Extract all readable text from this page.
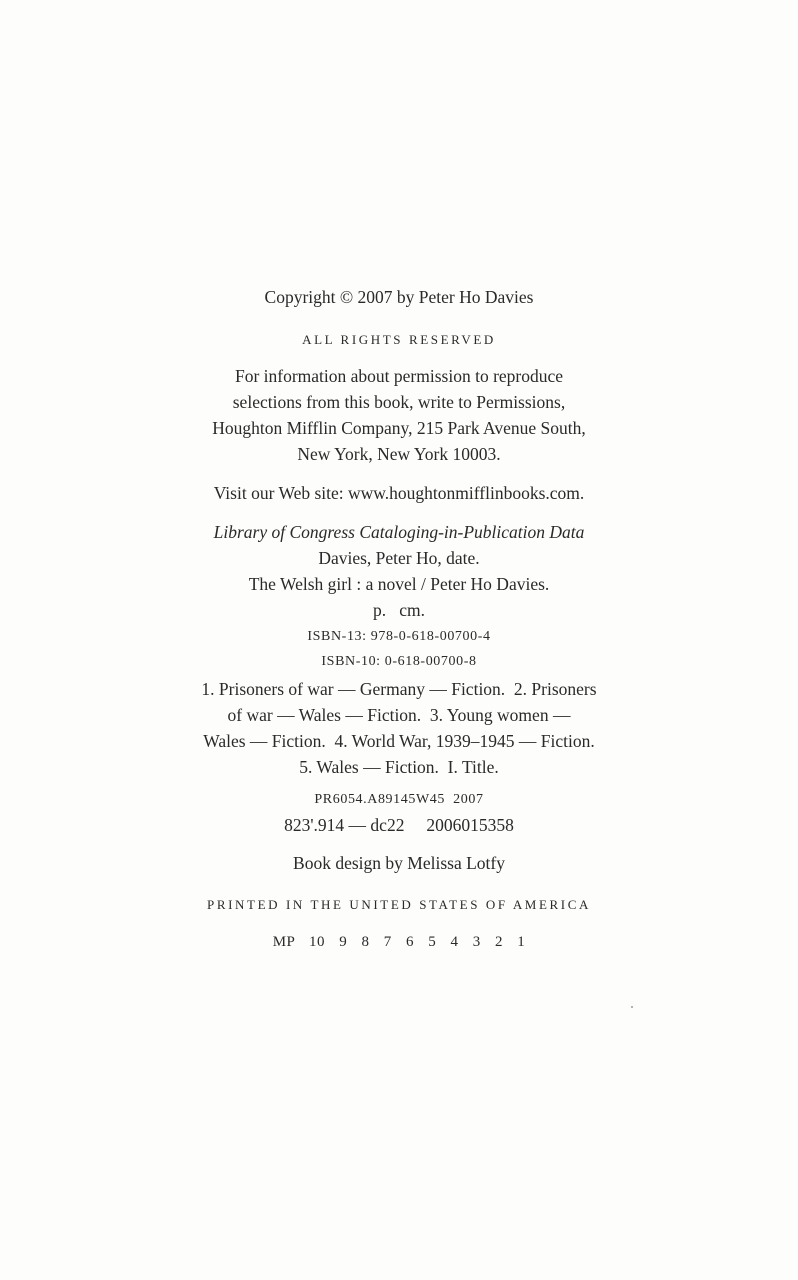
Copyright © 2007 by Peter Ho Davies
ALL RIGHTS RESERVED
For information about permission to reproduce
selections from this book, write to Permissions,
Houghton Mifflin Company, 215 Park Avenue South,
New York, New York 10003.
Visit our Web site: www.houghtonmifflinbooks.com.
Library of Congress Cataloging-in-Publication Data
Davies, Peter Ho, date.
The Welsh girl : a novel / Peter Ho Davies.
p.   cm.
ISBN-13: 978-0-618-00700-4
ISBN-10: 0-618-00700-8
1. Prisoners of war — Germany — Fiction.  2. Prisoners
of war — Wales — Fiction.  3. Young women —
Wales — Fiction.  4. World War, 1939–1945 — Fiction.
5. Wales — Fiction.  I. Title.
PR6054.A89145W45  2007
823'.914 — dc22     2006015358
Book design by Melissa Lotfy
PRINTED IN THE UNITED STATES OF AMERICA
MP 10 9 8 7 6 5 4 3 2 1
